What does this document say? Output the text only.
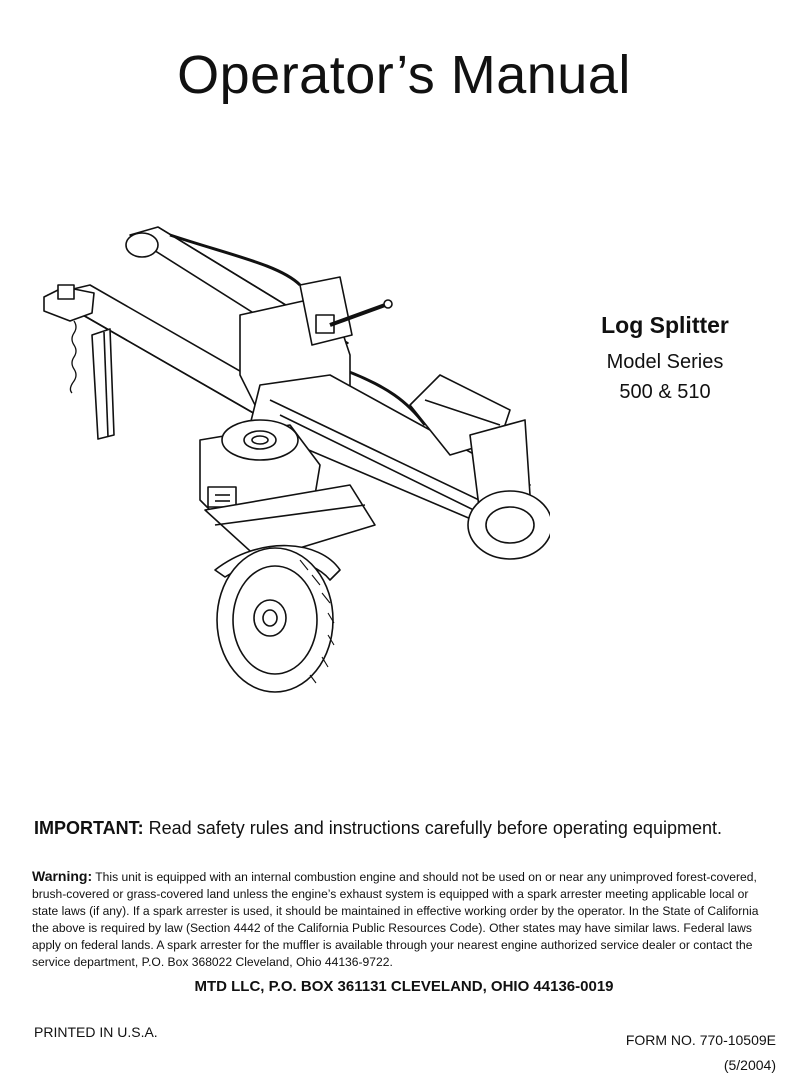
Operator’s Manual
Log Splitter
Model Series
500 & 510
IMPORTANT: Read safety rules and instructions carefully before operating equipment.
Warning: This unit is equipped with an internal combustion engine and should not be used on or near any unimproved forest-covered, brush-covered or grass-covered land unless the engine’s exhaust system is equipped with a spark arrester meeting applicable local or state laws (if any). If a spark arrester is used, it should be maintained in effective working order by the operator. In the State of California the above is required by law (Section 4442 of the California Public Resources Code). Other states may have similar laws. Federal laws apply on federal lands. A spark arrester for the muffler is available through your nearest engine authorized service dealer or contact the service department, P.O. Box 368022 Cleveland, Ohio 44136-9722.
MTD LLC, P.O. BOX 361131 CLEVELAND, OHIO 44136-0019
PRINTED IN U.S.A.	FORM NO. 770-10509E
(5/2004)
